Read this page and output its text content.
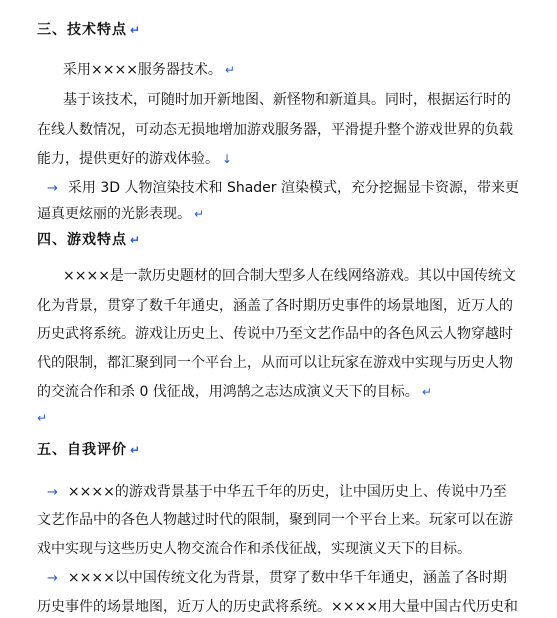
三、技术特点 ↵
采用××××服务器技术。 ↵
基于该技术，可随时加开新地图、新怪物和新道具。同时，根据运行时的
在线人数情况，可动态无损地增加游戏服务器，平滑提升整个游戏世界的负载
能力，提供更好的游戏体验。 ↓
→ 采用 3D 人物渲染技术和 Shader 渲染模式，充分挖掘显卡资源，带来更
逼真更炫丽的光影表现。 ↵
四、游戏特点 ↵
××××是一款历史题材的回合制大型多人在线网络游戏。其以中国传统文
化为背景，贯穿了数千年通史，涵盖了各时期历史事件的场景地图，近万人的
历史武将系统。游戏让历史上、传说中乃至文艺作品中的各色风云人物穿越时
代的限制，都汇聚到同一个平台上，从而可以让玩家在游戏中实现与历史人物
的交流合作和杀 0 伐征战，用鸿鹄之志达成演义天下的目标。 ↵
↵
五、自我评价 ↵
→ ××××的游戏背景基于中华五千年的历史，让中国历史上、传说中乃至
文艺作品中的各色人物越过时代的限制，聚到同一个平台上来。玩家可以在游
戏中实现与这些历史人物交流合作和杀伐征战，实现演义天下的目标。
→ ××××以中国传统文化为背景，贯穿了数中华千年通史，涵盖了各时期
历史事件的场景地图，近万人的历史武将系统。××××用大量中国古代历史和
